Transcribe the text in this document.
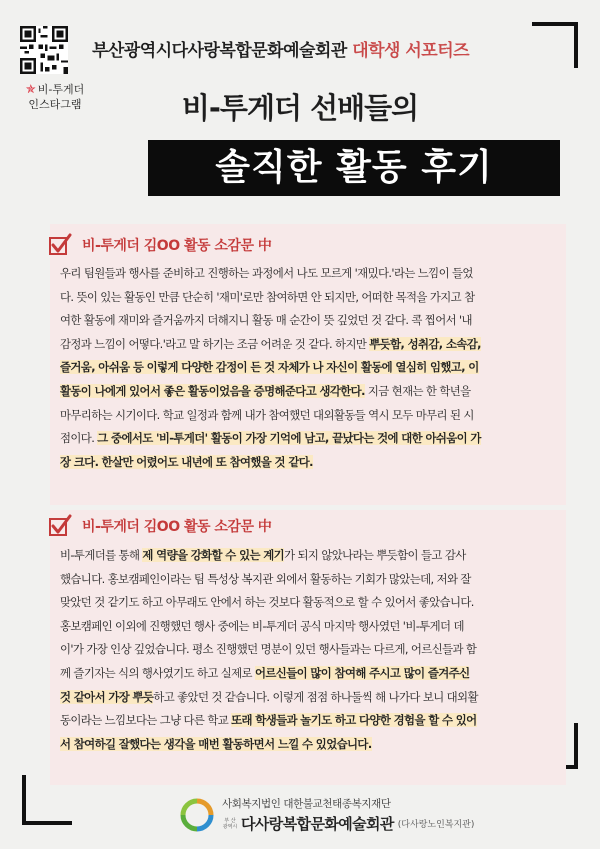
✯ 비-투게더
인스타그램
부산광역시다사랑복합문화예술회관 대학생 서포터즈
비-투게더 선배들의
솔직한 활동 후기
비-투게더 김OO 활동 소감문 中
우리 팀원들과 행사를 준비하고 진행하는 과정에서 나도 모르게 '재밌다.'라는 느낌이 들었
다. 뜻이 있는 활동인 만큼 단순히 '재미'로만 참여하면 안 되지만, 어떠한 목적을 가지고 참
여한 활동에 재미와 즐거움까지 더해지니 활동 매 순간이 뜻 깊었던 것 같다. 콕 찝어서 '내
감정과 느낌이 어떻다.'라고 말 하기는 조금 어려운 것 같다. 하지만 뿌듯함, 성취감, 소속감,
즐거움, 아쉬움 등 이렇게 다양한 감정이 든 것 자체가 나 자신이 활동에 열심히 임했고, 이
활동이 나에게 있어서 좋은 활동이었음을 증명해준다고 생각한다. 지금 현재는 한 학년을
마무리하는 시기이다. 학교 일정과 함께 내가 참여했던 대외활동들 역시 모두 마무리 된 시
점이다. 그 중에서도 '비-투게더' 활동이 가장 기억에 남고, 끝났다는 것에 대한 아쉬움이 가
장 크다. 한살만 어렸어도 내년에 또 참여했을 것 같다.
비-투게더 김OO 활동 소감문 中
비-투게더를 통해 제 역량을 강화할 수 있는 계기가 되지 않았나라는 뿌듯함이 들고 감사
했습니다. 홍보캠페인이라는 팀 특성상 복지관 외에서 활동하는 기회가 많았는데, 저와 잘
맞았던 것 같기도 하고 아무래도 안에서 하는 것보다 활동적으로 할 수 있어서 좋았습니다.
홍보캠페인 이외에 진행했던 행사 중에는 비-투게더 공식 마지막 행사였던 '비-투게더 데
이'가 가장 인상 깊었습니다. 평소 진행했던 명분이 있던 행사들과는 다르게, 어르신들과 함
께 즐기자는 식의 행사였기도 하고 실제로 어르신들이 많이 참여해 주시고 많이 즐겨주신
것 같아서 가장 뿌듯하고 좋았던 것 같습니다. 이렇게 점점 하나둘씩 해 나가다 보니 대외활
동이라는 느낌보다는 그냥 다른 학교 또래 학생들과 놀기도 하고 다양한 경험을 할 수 있어
서 참여하길 잘했다는 생각을 매번 활동하면서 느낄 수 있었습니다.
사회복지법인 대한불교천태종복지재단
부 산
광역시 다사랑복합문화예술회관 (다사랑노인복지관)
